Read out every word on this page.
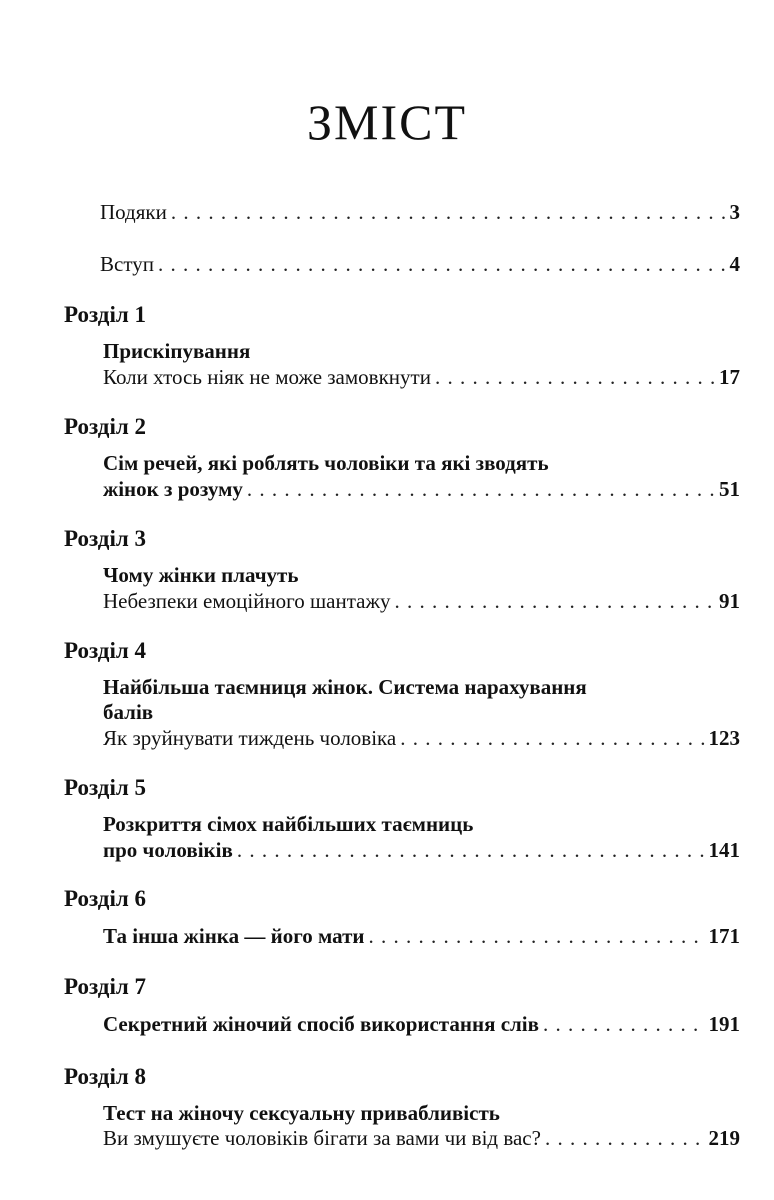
ЗМІСТ
Подяки . . .	3
Вступ . . .	4
Розділ 1
Прискіпування
Коли хтось ніяк не може замовкнути . . .	17
Розділ 2
Сім речей, які роблять чоловіки та які зводять
жінок з розуму . . .	51
Розділ 3
Чому жінки плачуть
Небезпеки емоційного шантажу . . .	91
Розділ 4
Найбільша таємниця жінок. Система нарахування
балів
Як зруйнувати тиждень чоловіка . . .	123
Розділ 5
Розкриття сімох найбільших таємниць
про чоловіків . . .	141
Розділ 6
Та інша жінка — його мати . . .	171
Розділ 7
Секретний жіночий спосіб використання слів . . .	191
Розділ 8
Тест на жіночу сексуальну привабливість
Ви змушуєте чоловіків бігати за вами чи від вас? . . .	219
